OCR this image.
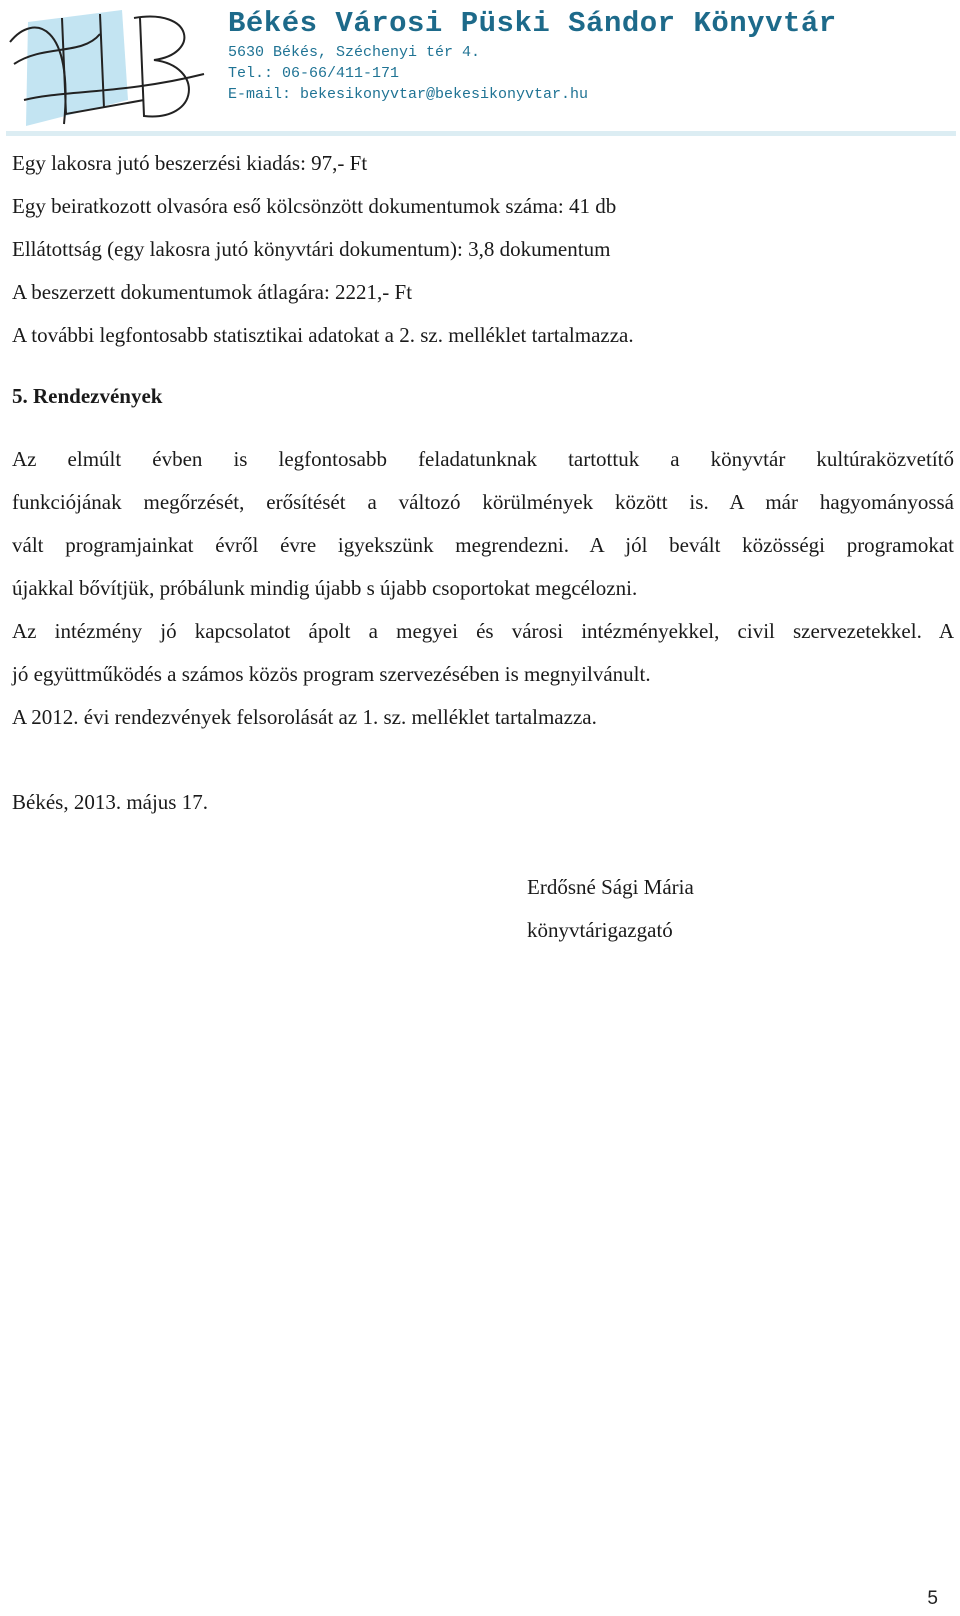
Békés Városi Püski Sándor Könyvtár
5630 Békés, Széchenyi tér 4.
Tel.: 06-66/411-171
E-mail: bekesikonyvtar@bekesikonyvtar.hu
Egy lakosra jutó beszerzési kiadás: 97,- Ft
Egy beiratkozott olvasóra eső kölcsönzött dokumentumok száma: 41 db
Ellátottság (egy lakosra jutó könyvtári dokumentum): 3,8 dokumentum
A beszerzett dokumentumok átlagára: 2221,- Ft
A további legfontosabb statisztikai adatokat a 2. sz. melléklet tartalmazza.
5. Rendezvények

Az elmúlt évben is legfontosabb feladatunknak tartottuk a könyvtár kultúraközvetítő

funkciójának megőrzését, erősítését a változó körülmények között is. A már hagyományossá

vált programjainkat évről évre igyekszünk megrendezni. A jól bevált közösségi programokat

újakkal bővítjük, próbálunk mindig újabb s újabb csoportokat megcélozni.

Az intézmény jó kapcsolatot ápolt a megyei és városi intézményekkel, civil szervezetekkel. A

jó együttműködés a számos közös program szervezésében is megnyilvánult.

A 2012. évi rendezvények felsorolását az 1. sz. melléklet tartalmazza.

Békés, 2013. május 17.
Erdősné Sági Mária
könyvtárigazgató
5
